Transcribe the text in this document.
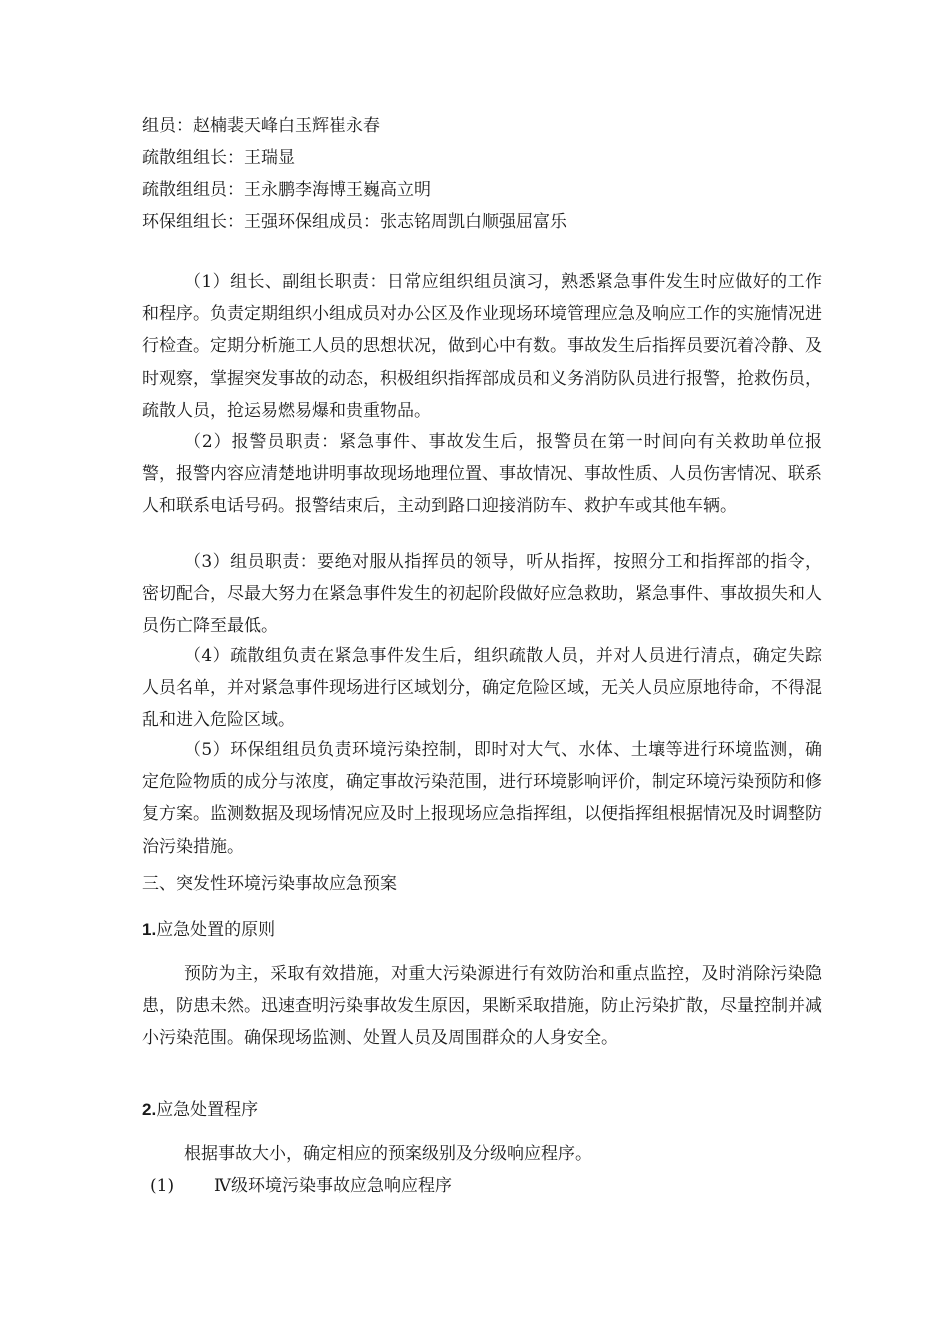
组员：赵楠裴天峰白玉辉崔永春
疏散组组长：王瑞显
疏散组组员：王永鹏李海博王巍高立明
环保组组长：王强环保组成员：张志铭周凯白顺强屈富乐
（1）组长、副组长职责：日常应组织组员演习，熟悉紧急事件发生时应做好的工作和程序。负责定期组织小组成员对办公区及作业现场环境管理应急及响应工作的实施情况进行检查。定期分析施工人员的思想状况，做到心中有数。事故发生后指挥员要沉着冷静、及时观察，掌握突发事故的动态，积极组织指挥部成员和义务消防队员进行报警，抢救伤员，疏散人员，抢运易燃易爆和贵重物品。
（2）报警员职责：紧急事件、事故发生后，报警员在第一时间向有关救助单位报警，报警内容应清楚地讲明事故现场地理位置、事故情况、事故性质、人员伤害情况、联系人和联系电话号码。报警结束后，主动到路口迎接消防车、救护车或其他车辆。
（3）组员职责：要绝对服从指挥员的领导，听从指挥，按照分工和指挥部的指令，密切配合，尽最大努力在紧急事件发生的初起阶段做好应急救助，紧急事件、事故损失和人员伤亡降至最低。
（4）疏散组负责在紧急事件发生后，组织疏散人员，并对人员进行清点，确定失踪人员名单，并对紧急事件现场进行区域划分，确定危险区域，无关人员应原地待命，不得混乱和进入危险区域。
（5）环保组组员负责环境污染控制，即时对大气、水体、土壤等进行环境监测，确定危险物质的成分与浓度，确定事故污染范围，进行环境影响评价，制定环境污染预防和修复方案。监测数据及现场情况应及时上报现场应急指挥组，以便指挥组根据情况及时调整防治污染措施。
三、突发性环境污染事故应急预案
1.应急处置的原则
预防为主，采取有效措施，对重大污染源进行有效防治和重点监控，及时消除污染隐患，防患未然。迅速查明污染事故发生原因，果断采取措施，防止污染扩散，尽量控制并减小污染范围。确保现场监测、处置人员及周围群众的人身安全。
2.应急处置程序
根据事故大小，确定相应的预案级别及分级响应程序。
(1) Ⅳ级环境污染事故应急响应程序
